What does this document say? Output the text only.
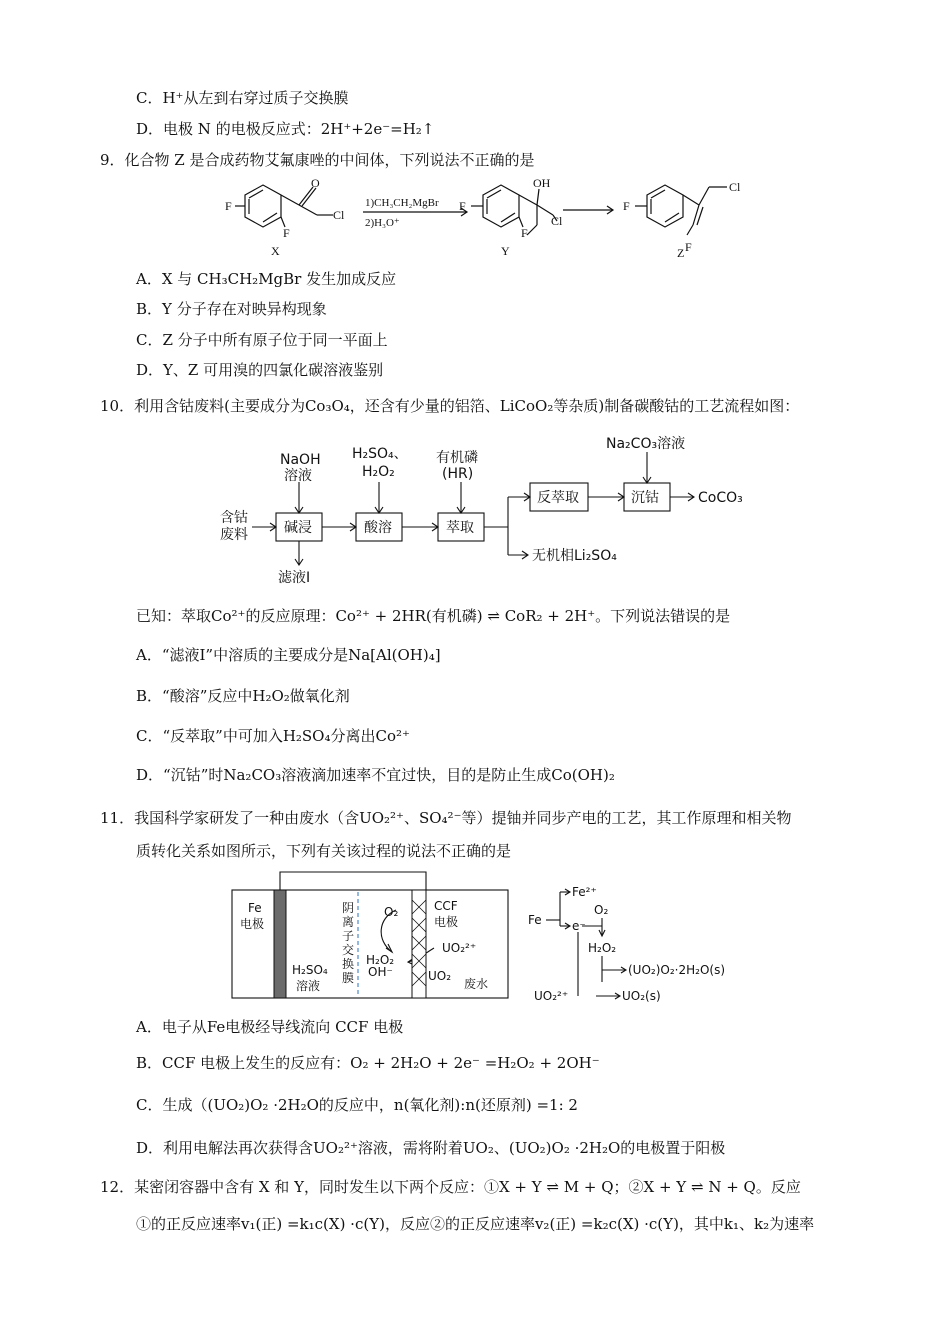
C．H⁺从左到右穿过质子交换膜
D．电极 N 的电极反应式：2H⁺+2e⁻=H₂↑
9．化合物 Z 是合成药物艾氟康唑的中间体，下列说法不正确的是
F
F
O
Cl
X
1)CH₃CH₂MgBr
2)H₃O⁺
F
F
OH
Cl
Y
F
Cl
F
Z
A．X 与 CH₃CH₂MgBr 发生加成反应
B．Y 分子存在对映异构现象
C．Z 分子中所有原子位于同一平面上
D．Y、Z 可用溴的四氯化碳溶液鉴别
10．利用含钴废料(主要成分为Co₃O₄，还含有少量的铝箔、LiCoO₂等杂质)制备碳酸钴的工艺流程如图：
NaOH
溶液
H₂SO₄、
H₂O₂
有机磷
(HR)
Na₂CO₃溶液
含钴
废料	碱浸	酸溶	萃取
反萃取	沉钴	CoCO₃
滤液I
无机相Li₂SO₄
已知：萃取Co²⁺的反应原理：Co²⁺ + 2HR(有机磷) ⇌ CoR₂ + 2H⁺。下列说法错误的是
A．“滤液Ⅰ”中溶质的主要成分是Na[Al(OH)₄]
B．“酸溶”反应中H₂O₂做氧化剂
C．“反萃取”中可加入H₂SO₄分离出Co²⁺
D．“沉钴”时Na₂CO₃溶液滴加速率不宜过快，目的是防止生成Co(OH)₂
11．我国科学家研发了一种由废水（含UO₂²⁺、SO₄²⁻等）提铀并同步产电的工艺，其工作原理和相关物
质转化关系如图所示，下列有关该过程的说法不正确的是
Fe
电极
阴
离
子
交
换
膜
H₂SO₄
溶液
O₂
H₂O₂
OH⁻
CCF
电极
UO₂²⁺
UO₂
废水
Fe
Fe²⁺
e⁻
O₂
H₂O₂
(UO₂)O₂·2H₂O(s)
UO₂²⁺	UO₂(s)
A．电子从Fe电极经导线流向 CCF 电极
B．CCF 电极上发生的反应有：O₂ + 2H₂O + 2e⁻ =H₂O₂ + 2OH⁻
C．生成（(UO₂)O₂ ·2H₂O的反应中，n(氧化剂):n(还原剂) =1: 2
D．利用电解法再次获得含UO₂²⁺溶液，需将附着UO₂、(UO₂)O₂ ·2H₂O的电极置于阳极
12．某密闭容器中含有 X 和 Y，同时发生以下两个反应：①X + Y ⇌ M + Q；②X + Y ⇌ N + Q。反应
①的正反应速率v₁(正) =k₁c(X) ·c(Y)，反应②的正反应速率v₂(正) =k₂c(X) ·c(Y)，其中k₁、k₂为速率
